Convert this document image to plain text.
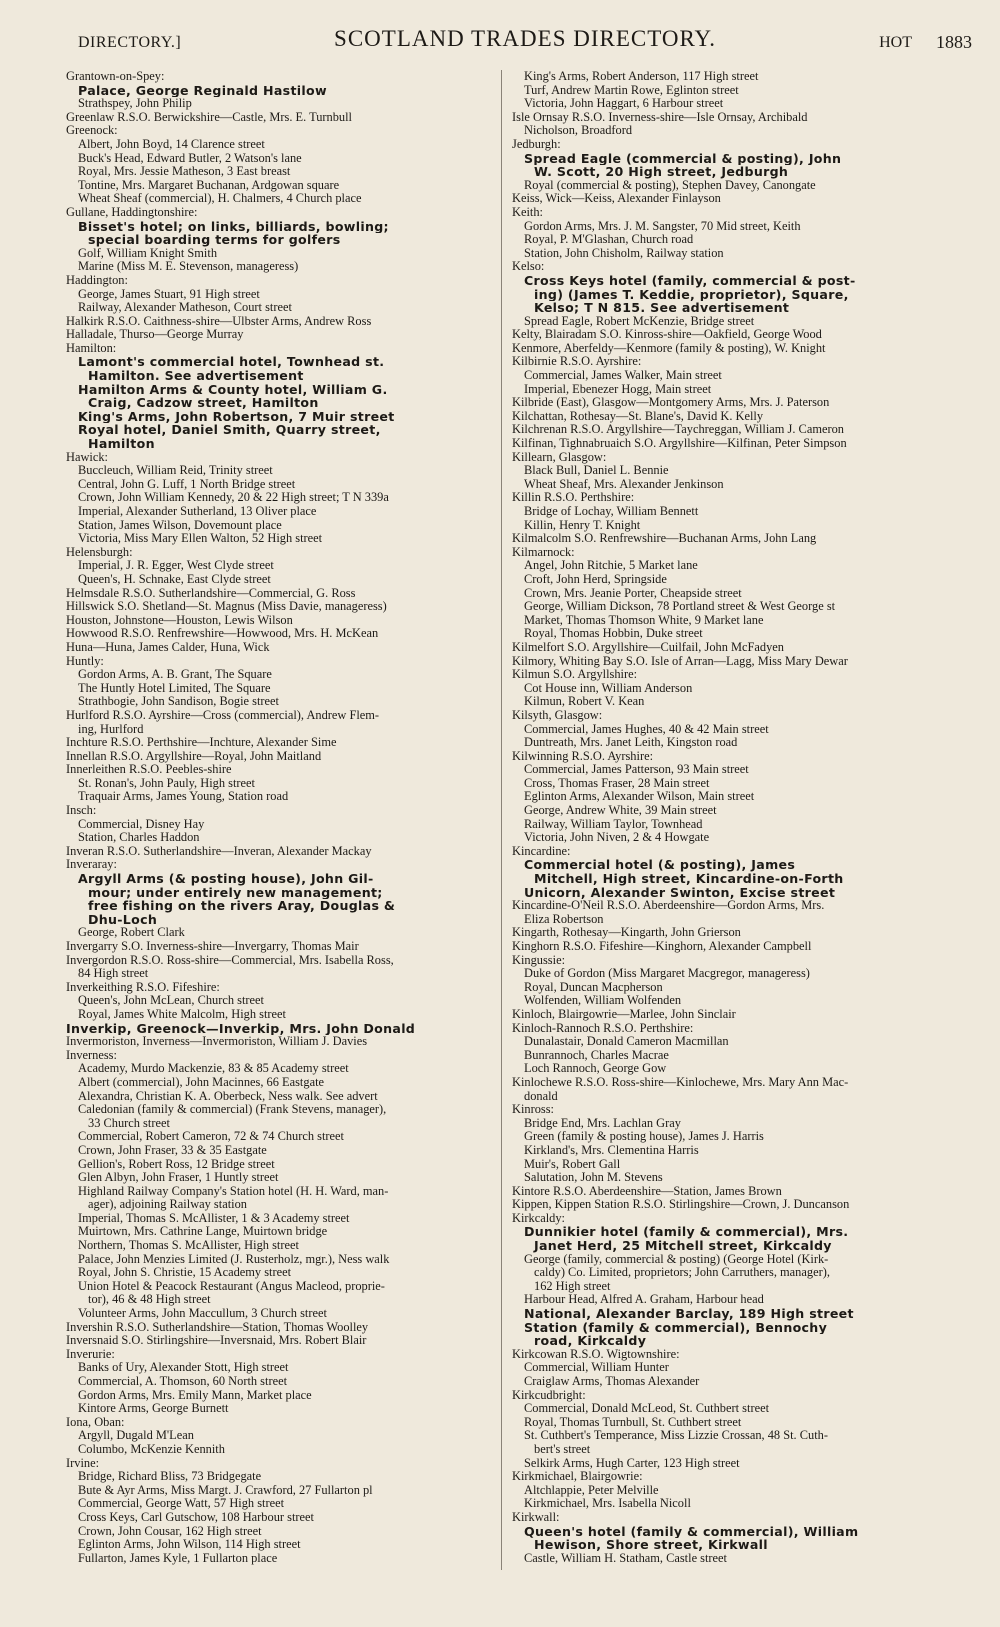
DIRECTORY.]	SCOTLAND TRADES DIRECTORY.	HOT 1883
Grantown-on-Spey:
Palace, George Reginald Hastilow
Strathspey, John Philip
Greenlaw R.S.O. Berwickshire—Castle, Mrs. E. Turnbull
Greenock:
Albert, John Boyd, 14 Clarence street
Buck's Head, Edward Butler, 2 Watson's lane
Royal, Mrs. Jessie Matheson, 3 East breast
Tontine, Mrs. Margaret Buchanan, Ardgowan square
Wheat Sheaf (commercial), H. Chalmers, 4 Church place
Gullane, Haddingtonshire:
Bisset's hotel; on links, billiards, bowling;
special boarding terms for golfers
Golf, William Knight Smith
Marine (Miss M. E. Stevenson, manageress)
Haddington:
George, James Stuart, 91 High street
Railway, Alexander Matheson, Court street
Halkirk R.S.O. Caithness-shire—Ulbster Arms, Andrew Ross
Halladale, Thurso—George Murray
Hamilton:
Lamont's commercial hotel, Townhead st.
Hamilton. See advertisement
Hamilton Arms & County hotel, William G.
Craig, Cadzow street, Hamilton
King's Arms, John Robertson, 7 Muir street
Royal hotel, Daniel Smith, Quarry street,
Hamilton
Hawick:
Buccleuch, William Reid, Trinity street
Central, John G. Luff, 1 North Bridge street
Crown, John William Kennedy, 20 & 22 High street; T N 339a
Imperial, Alexander Sutherland, 13 Oliver place
Station, James Wilson, Dovemount place
Victoria, Miss Mary Ellen Walton, 52 High street
Helensburgh:
Imperial, J. R. Egger, West Clyde street
Queen's, H. Schnake, East Clyde street
Helmsdale R.S.O. Sutherlandshire—Commercial, G. Ross
Hillswick S.O. Shetland—St. Magnus (Miss Davie, manageress)
Houston, Johnstone—Houston, Lewis Wilson
Howwood R.S.O. Renfrewshire—Howwood, Mrs. H. McKean
Huna—Huna, James Calder, Huna, Wick
Huntly:
Gordon Arms, A. B. Grant, The Square
The Huntly Hotel Limited, The Square
Strathbogie, John Sandison, Bogie street
Hurlford R.S.O. Ayrshire—Cross (commercial), Andrew Flem-
ing, Hurlford
Inchture R.S.O. Perthshire—Inchture, Alexander Sime
Innellan R.S.O. Argyllshire—Royal, John Maitland
Innerleithen R.S.O. Peebles-shire
St. Ronan's, John Pauly, High street
Traquair Arms, James Young, Station road
Insch:
Commercial, Disney Hay
Station, Charles Haddon
Inveran R.S.O. Sutherlandshire—Inveran, Alexander Mackay
Inveraray:
Argyll Arms (& posting house), John Gil-
mour; under entirely new management;
free fishing on the rivers Aray, Douglas &
Dhu-Loch
George, Robert Clark
Invergarry S.O. Inverness-shire—Invergarry, Thomas Mair
Invergordon R.S.O. Ross-shire—Commercial, Mrs. Isabella Ross,
84 High street
Inverkeithing R.S.O. Fifeshire:
Queen's, John McLean, Church street
Royal, James White Malcolm, High street
Inverkip, Greenock—Inverkip, Mrs. John Donald
Invermoriston, Inverness—Invermoriston, William J. Davies
Inverness:
Academy, Murdo Mackenzie, 83 & 85 Academy street
Albert (commercial), John Macinnes, 66 Eastgate
Alexandra, Christian K. A. Oberbeck, Ness walk. See advert
Caledonian (family & commercial) (Frank Stevens, manager),
33 Church street
Commercial, Robert Cameron, 72 & 74 Church street
Crown, John Fraser, 33 & 35 Eastgate
Gellion's, Robert Ross, 12 Bridge street
Glen Albyn, John Fraser, 1 Huntly street
Highland Railway Company's Station hotel (H. H. Ward, man-
ager), adjoining Railway station
Imperial, Thomas S. McAllister, 1 & 3 Academy street
Muirtown, Mrs. Cathrine Lange, Muirtown bridge
Northern, Thomas S. McAllister, High street
Palace, John Menzies Limited (J. Rusterholz, mgr.), Ness walk
Royal, John S. Christie, 15 Academy street
Union Hotel & Peacock Restaurant (Angus Macleod, proprie-
tor), 46 & 48 High street
Volunteer Arms, John Maccullum, 3 Church street
Invershin R.S.O. Sutherlandshire—Station, Thomas Woolley
Inversnaid S.O. Stirlingshire—Inversnaid, Mrs. Robert Blair
Inverurie:
Banks of Ury, Alexander Stott, High street
Commercial, A. Thomson, 60 North street
Gordon Arms, Mrs. Emily Mann, Market place
Kintore Arms, George Burnett
Iona, Oban:
Argyll, Dugald M'Lean
Columbo, McKenzie Kennith
Irvine:
Bridge, Richard Bliss, 73 Bridgegate
Bute & Ayr Arms, Miss Margt. J. Crawford, 27 Fullarton pl
Commercial, George Watt, 57 High street
Cross Keys, Carl Gutschow, 108 Harbour street
Crown, John Cousar, 162 High street
Eglinton Arms, John Wilson, 114 High street
Fullarton, James Kyle, 1 Fullarton place
King's Arms, Robert Anderson, 117 High street
Turf, Andrew Martin Rowe, Eglinton street
Victoria, John Haggart, 6 Harbour street
Isle Ornsay R.S.O. Inverness-shire—Isle Ornsay, Archibald
Nicholson, Broadford
Jedburgh:
Spread Eagle (commercial & posting), John
W. Scott, 20 High street, Jedburgh
Royal (commercial & posting), Stephen Davey, Canongate
Keiss, Wick—Keiss, Alexander Finlayson
Keith:
Gordon Arms, Mrs. J. M. Sangster, 70 Mid street, Keith
Royal, P. M'Glashan, Church road
Station, John Chisholm, Railway station
Kelso:
Cross Keys hotel (family, commercial & post-
ing) (James T. Keddie, proprietor), Square,
Kelso; T N 815. See advertisement
Spread Eagle, Robert McKenzie, Bridge street
Kelty, Blairadam S.O. Kinross-shire—Oakfield, George Wood
Kenmore, Aberfeldy—Kenmore (family & posting), W. Knight
Kilbirnie R.S.O. Ayrshire:
Commercial, James Walker, Main street
Imperial, Ebenezer Hogg, Main street
Kilbride (East), Glasgow—Montgomery Arms, Mrs. J. Paterson
Kilchattan, Rothesay—St. Blane's, David K. Kelly
Kilchrenan R.S.O. Argyllshire—Taychreggan, William J. Cameron
Kilfinan, Tighnabruaich S.O. Argyllshire—Kilfinan, Peter Simpson
Killearn, Glasgow:
Black Bull, Daniel L. Bennie
Wheat Sheaf, Mrs. Alexander Jenkinson
Killin R.S.O. Perthshire:
Bridge of Lochay, William Bennett
Killin, Henry T. Knight
Kilmalcolm S.O. Renfrewshire—Buchanan Arms, John Lang
Kilmarnock:
Angel, John Ritchie, 5 Market lane
Croft, John Herd, Springside
Crown, Mrs. Jeanie Porter, Cheapside street
George, William Dickson, 78 Portland street & West George st
Market, Thomas Thomson White, 9 Market lane
Royal, Thomas Hobbin, Duke street
Kilmelfort S.O. Argyllshire—Cuilfail, John McFadyen
Kilmory, Whiting Bay S.O. Isle of Arran—Lagg, Miss Mary Dewar
Kilmun S.O. Argyllshire:
Cot House inn, William Anderson
Kilmun, Robert V. Kean
Kilsyth, Glasgow:
Commercial, James Hughes, 40 & 42 Main street
Duntreath, Mrs. Janet Leith, Kingston road
Kilwinning R.S.O. Ayrshire:
Commercial, James Patterson, 93 Main street
Cross, Thomas Fraser, 28 Main street
Eglinton Arms, Alexander Wilson, Main street
George, Andrew White, 39 Main street
Railway, William Taylor, Townhead
Victoria, John Niven, 2 & 4 Howgate
Kincardine:
Commercial hotel (& posting), James
Mitchell, High street, Kincardine-on-Forth
Unicorn, Alexander Swinton, Excise street
Kincardine-O'Neil R.S.O. Aberdeenshire—Gordon Arms, Mrs.
Eliza Robertson
Kingarth, Rothesay—Kingarth, John Grierson
Kinghorn R.S.O. Fifeshire—Kinghorn, Alexander Campbell
Kingussie:
Duke of Gordon (Miss Margaret Macgregor, manageress)
Royal, Duncan Macpherson
Wolfenden, William Wolfenden
Kinloch, Blairgowrie—Marlee, John Sinclair
Kinloch-Rannoch R.S.O. Perthshire:
Dunalastair, Donald Cameron Macmillan
Bunrannoch, Charles Macrae
Loch Rannoch, George Gow
Kinlochewe R.S.O. Ross-shire—Kinlochewe, Mrs. Mary Ann Mac-
donald
Kinross:
Bridge End, Mrs. Lachlan Gray
Green (family & posting house), James J. Harris
Kirkland's, Mrs. Clementina Harris
Muir's, Robert Gall
Salutation, John M. Stevens
Kintore R.S.O. Aberdeenshire—Station, James Brown
Kippen, Kippen Station R.S.O. Stirlingshire—Crown, J. Duncanson
Kirkcaldy:
Dunnikier hotel (family & commercial), Mrs.
Janet Herd, 25 Mitchell street, Kirkcaldy
George (family, commercial & posting) (George Hotel (Kirk-
caldy) Co. Limited, proprietors; John Carruthers, manager),
162 High street
Harbour Head, Alfred A. Graham, Harbour head
National, Alexander Barclay, 189 High street
Station (family & commercial), Bennochy
road, Kirkcaldy
Kirkcowan R.S.O. Wigtownshire:
Commercial, William Hunter
Craiglaw Arms, Thomas Alexander
Kirkcudbright:
Commercial, Donald McLeod, St. Cuthbert street
Royal, Thomas Turnbull, St. Cuthbert street
St. Cuthbert's Temperance, Miss Lizzie Crossan, 48 St. Cuth-
bert's street
Selkirk Arms, Hugh Carter, 123 High street
Kirkmichael, Blairgowrie:
Altchlappie, Peter Melville
Kirkmichael, Mrs. Isabella Nicoll
Kirkwall:
Queen's hotel (family & commercial), William
Hewison, Shore street, Kirkwall
Castle, William H. Statham, Castle street
